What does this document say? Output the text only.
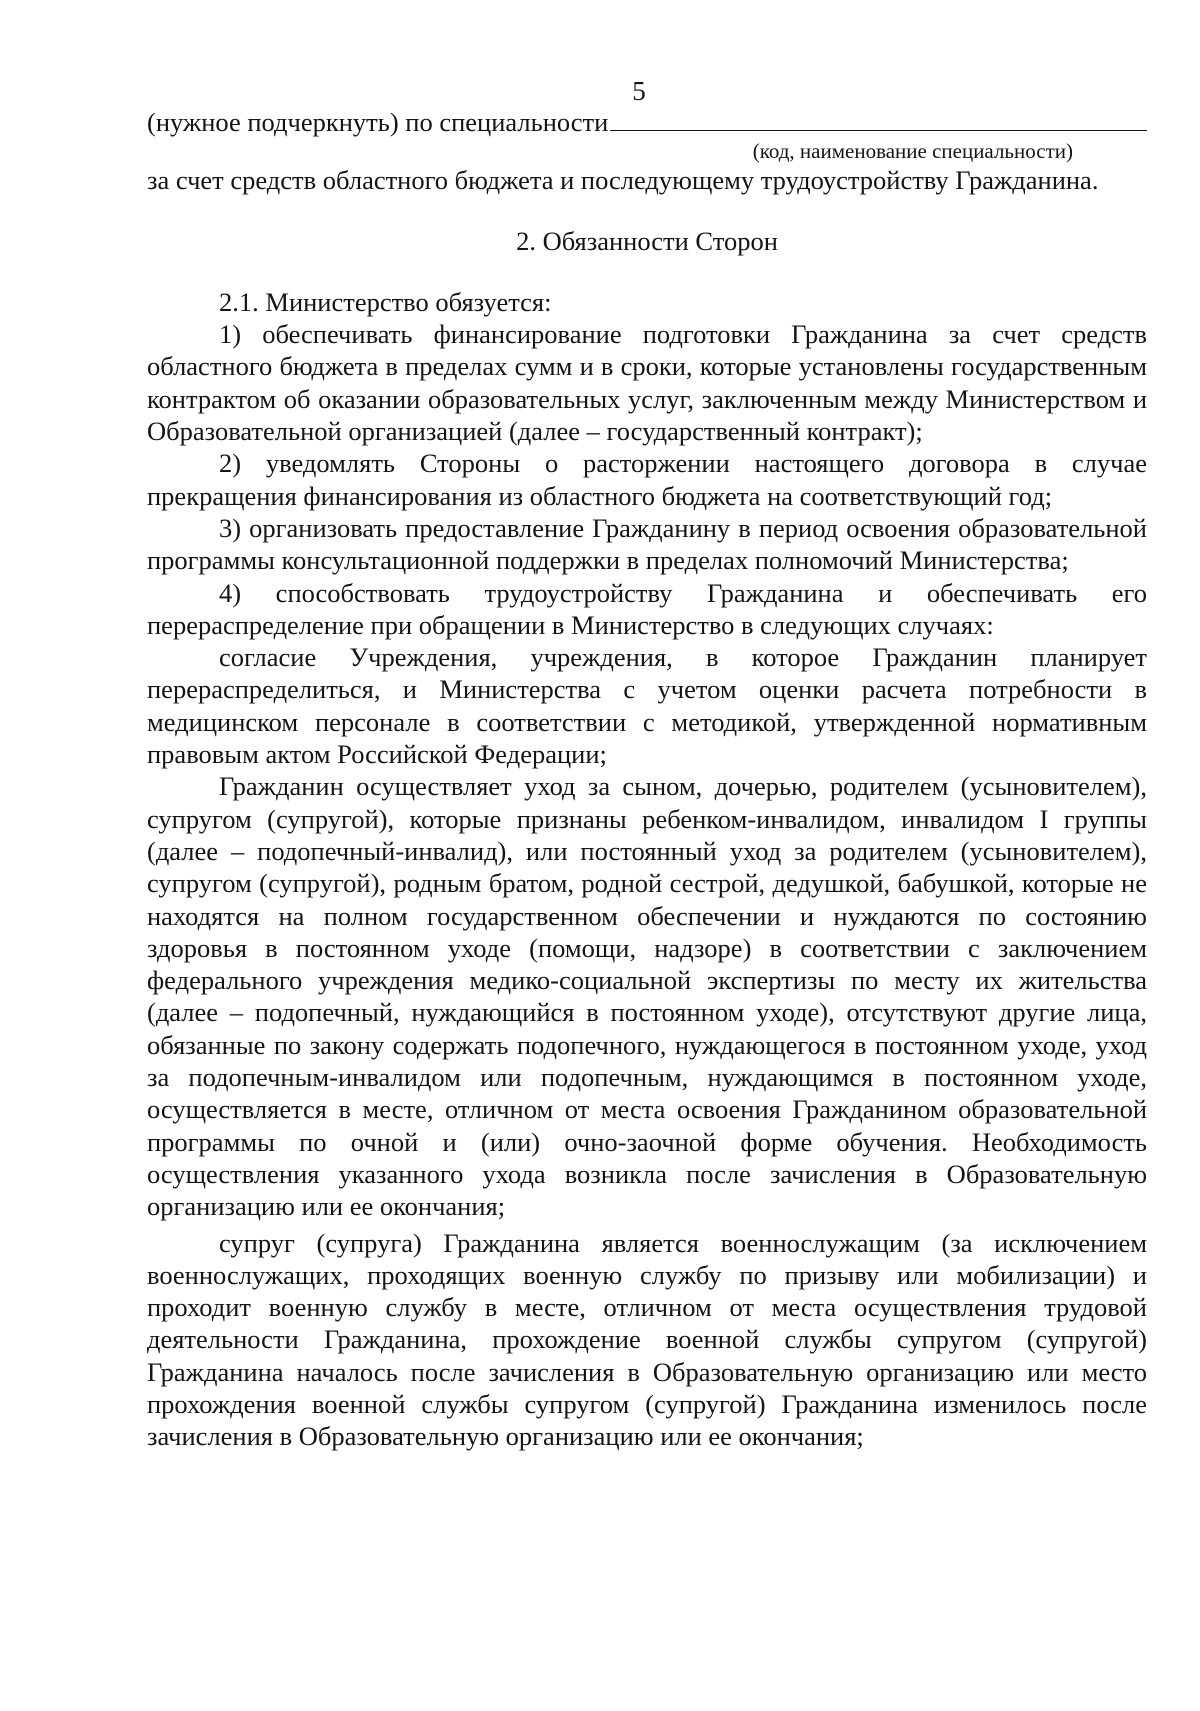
5
(нужное подчеркнуть) по специальности
(код, наименование специальности)

за счет средств областного бюджета и последующему трудоустройству Гражданина.

2. Обязанности Сторон

2.1. Министерство обязуется:

1) обеспечивать финансирование подготовки Гражданина за счет средств областного бюджета в пределах сумм и в сроки, которые установлены государственным контрактом об оказании образовательных услуг, заключенным между Министерством и Образовательной организацией (далее – государственный контракт);

2) уведомлять Стороны о расторжении настоящего договора в случае прекращения финансирования из областного бюджета на соответствующий год;

3) организовать предоставление Гражданину в период освоения образовательной программы консультационной поддержки в пределах полномочий Министерства;

4) способствовать трудоустройству Гражданина и обеспечивать его перераспределение при обращении в Министерство в следующих случаях:

согласие Учреждения, учреждения, в которое Гражданин планирует перераспределиться, и Министерства с учетом оценки расчета потребности в медицинском персонале в соответствии с методикой, утвержденной нормативным правовым актом Российской Федерации;

Гражданин осуществляет уход за сыном, дочерью, родителем (усыновителем), супругом (супругой), которые признаны ребенком-инвалидом, инвалидом I группы (далее – подопечный-инвалид), или постоянный уход за родителем (усыновителем), супругом (супругой), родным братом, родной сестрой, дедушкой, бабушкой, которые не находятся на полном государственном обеспечении и нуждаются по состоянию здоровья в постоянном уходе (помощи, надзоре) в соответствии с заключением федерального учреждения медико-социальной экспертизы по месту их жительства (далее – подопечный, нуждающийся в постоянном уходе), отсутствуют другие лица, обязанные по закону содержать подопечного, нуждающегося в постоянном уходе, уход за подопечным-инвалидом или подопечным, нуждающимся в постоянном уходе, осуществляется в месте, отличном от места освоения Гражданином образовательной программы по очной и (или) очно-заочной форме обучения. Необходимость осуществления указанного ухода возникла после зачисления в Образовательную организацию или ее окончания;

супруг (супруга) Гражданина является военнослужащим (за исключением военнослужащих, проходящих военную службу по призыву или мобилизации) и проходит военную службу в месте, отличном от места осуществления трудовой деятельности Гражданина, прохождение военной службы супругом (супругой) Гражданина началось после зачисления в Образовательную организацию или место прохождения военной службы супругом (супругой) Гражданина изменилось после зачисления в Образовательную организацию или ее окончания;
